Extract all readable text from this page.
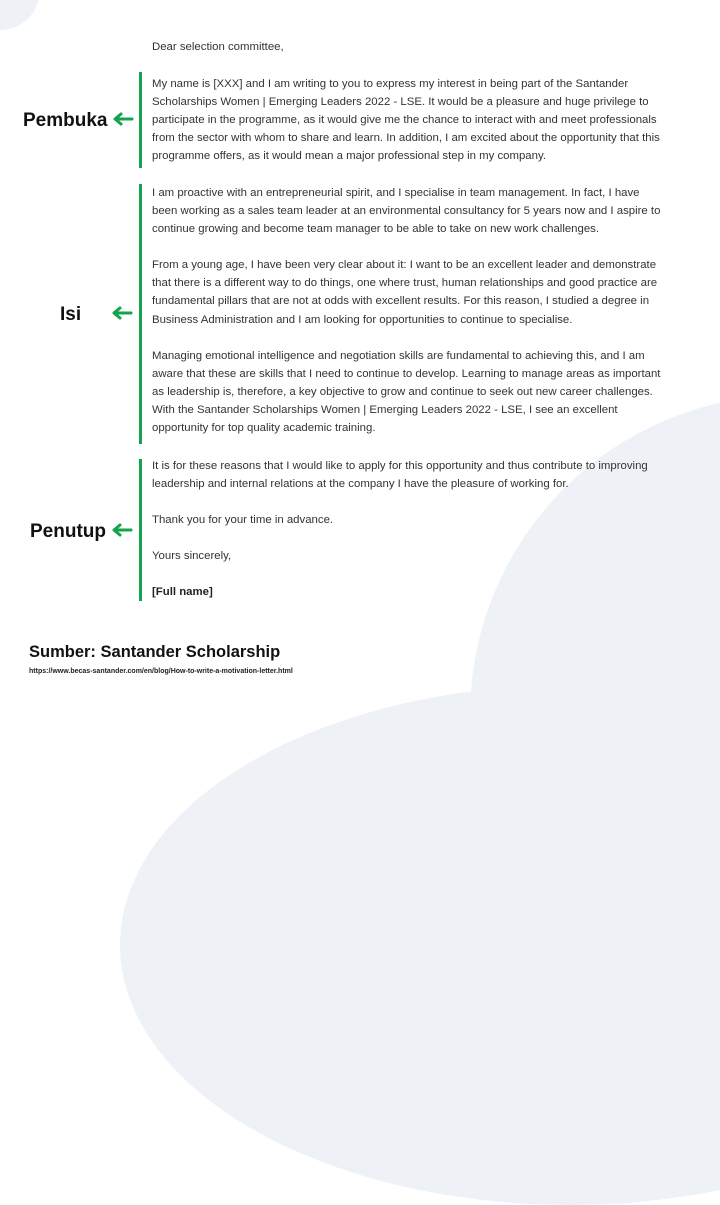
Dear selection committee,

My name is [XXX] and I am writing to you to express my interest in being part of the Santander Scholarships Women | Emerging Leaders 2022 - LSE. It would be a pleasure and huge privilege to participate in the programme, as it would give me the chance to interact with and meet professionals from the sector with whom to share and learn. In addition, I am excited about the opportunity that this programme offers, as it would mean a major professional step in my company.

I am proactive with an entrepreneurial spirit, and I specialise in team management. In fact, I have been working as a sales team leader at an environmental consultancy for 5 years now and I aspire to continue growing and become team manager to be able to take on new work challenges.

From a young age, I have been very clear about it: I want to be an excellent leader and demonstrate that there is a different way to do things, one where trust, human relationships and good practice are fundamental pillars that are not at odds with excellent results. For this reason, I studied a degree in Business Administration and I am looking for opportunities to continue to specialise.

Managing emotional intelligence and negotiation skills are fundamental to achieving this, and I am aware that these are skills that I need to continue to develop. Learning to manage areas as important as leadership is, therefore, a key objective to grow and continue to seek out new career challenges. With the Santander Scholarships Women | Emerging Leaders 2022 - LSE, I see an excellent opportunity for top quality academic training.

It is for these reasons that I would like to apply for this opportunity and thus contribute to improving leadership and internal relations at the company I have the pleasure of working for.

Thank you for your time in advance.

Yours sincerely,

[Full name]

Pembuka
Isi
Penutup
Sumber: Santander Scholarship
https://www.becas-santander.com/en/blog/How-to-write-a-motivation-letter.html
